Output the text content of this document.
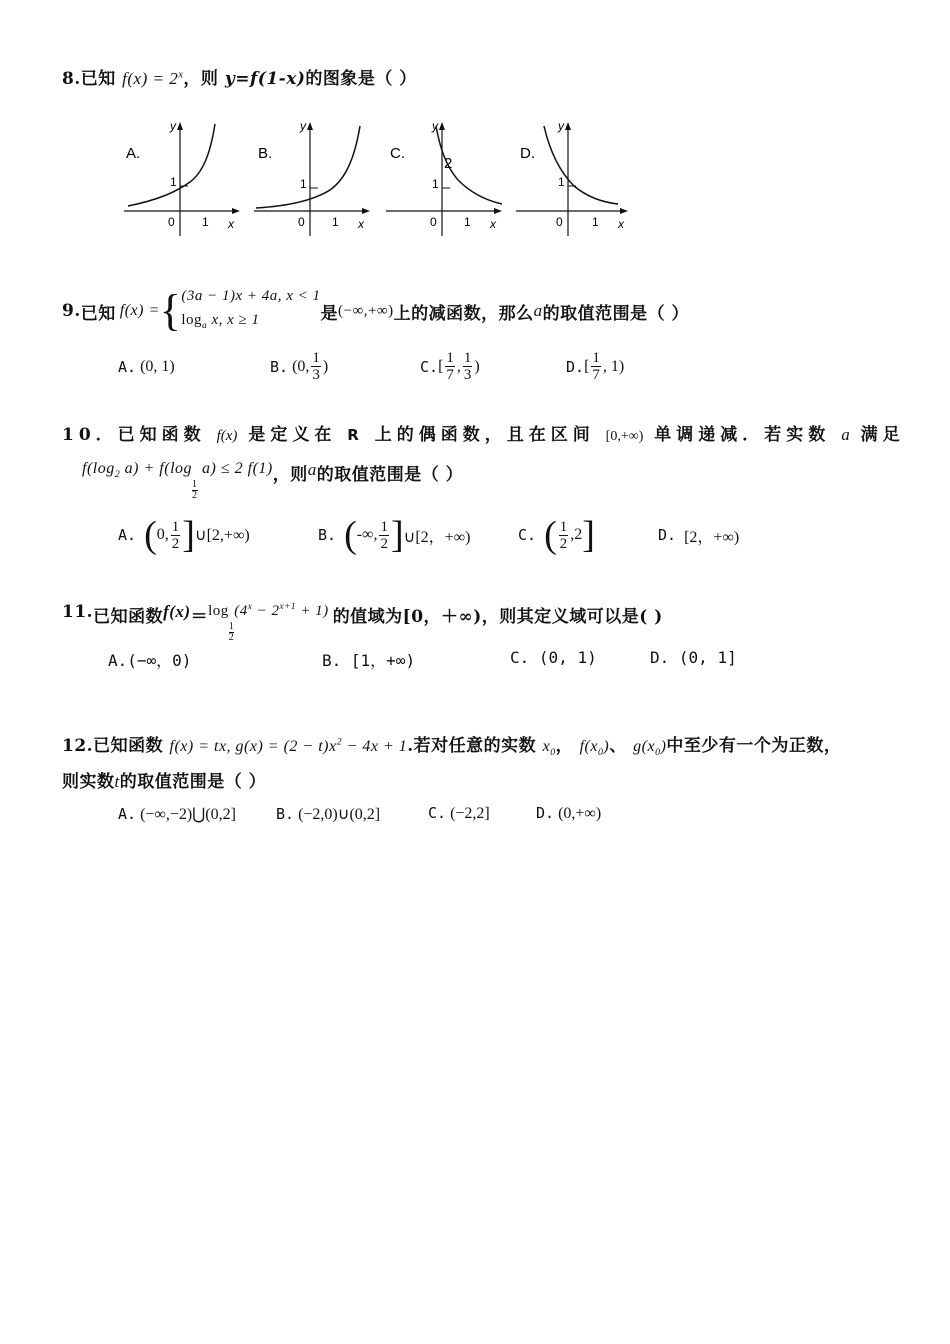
8.已知 $f(x) = 2^x$，则 y=f(1-x)的图象是（ ）
A.
y
x
1
0 1
B.
y
x
1
0 1
C.
y
x
1
2
0 1
D.
y
x
1
0 1
9. 已知 f(x) = { (3a − 1)x + 4a, x < 1
$\log_a x$, x ≥ 1	是 (−∞,+∞) 上的减函数，那么 a 的取值范围是（ ）
A.
(0, 1)	B.
(0, $\frac{1}{3}$ )	C. [ $\frac{1}{7}$ , $\frac{1}{3}$ )	D. [ $\frac{1}{7}$ , 1)
10．已知函数 f(x) 是定义在 R 上的偶函数，且在区间 [0,+∞) 单调递减．若实数 a 满足
$f(\log_2$ a) + f(log
$\frac{1}{2}$
a) ≤ 2 f(1) ，则 a 的取值范围是（ ）
A.
( 0, $\frac{1}{2}$ ] ∪[2,+∞)	B.
( -∞, $\frac{1}{2}$ ] ∪[2，+∞)	C.
( $\frac{1}{2} ,2$ ]	D.
[2，+∞)
11. 已知函数 f(x) ＝ log
$\frac{1}{2}$
$(4^x - 2^{x+1} + 1)$ 的值域为[0，＋∞)，则其定义域可以是( )
A.(−∞，0)	B. [1，+∞)	C. (0, 1)	D. (0, 1]
12.已知函数 f(x) = tx, $g(x) = (2 - t)x^2 - 4x + 1$.若对任意的实数 $x_0$， $f(x_0)$、 $g(x_0)$中至少有一个为正数，
则实数t的取值范围是（ ）
A. (−∞,−2)⋃(0,2]	B. (−2,0)∪(0,2]	C. (−2,2]	D. (0,+∞)
